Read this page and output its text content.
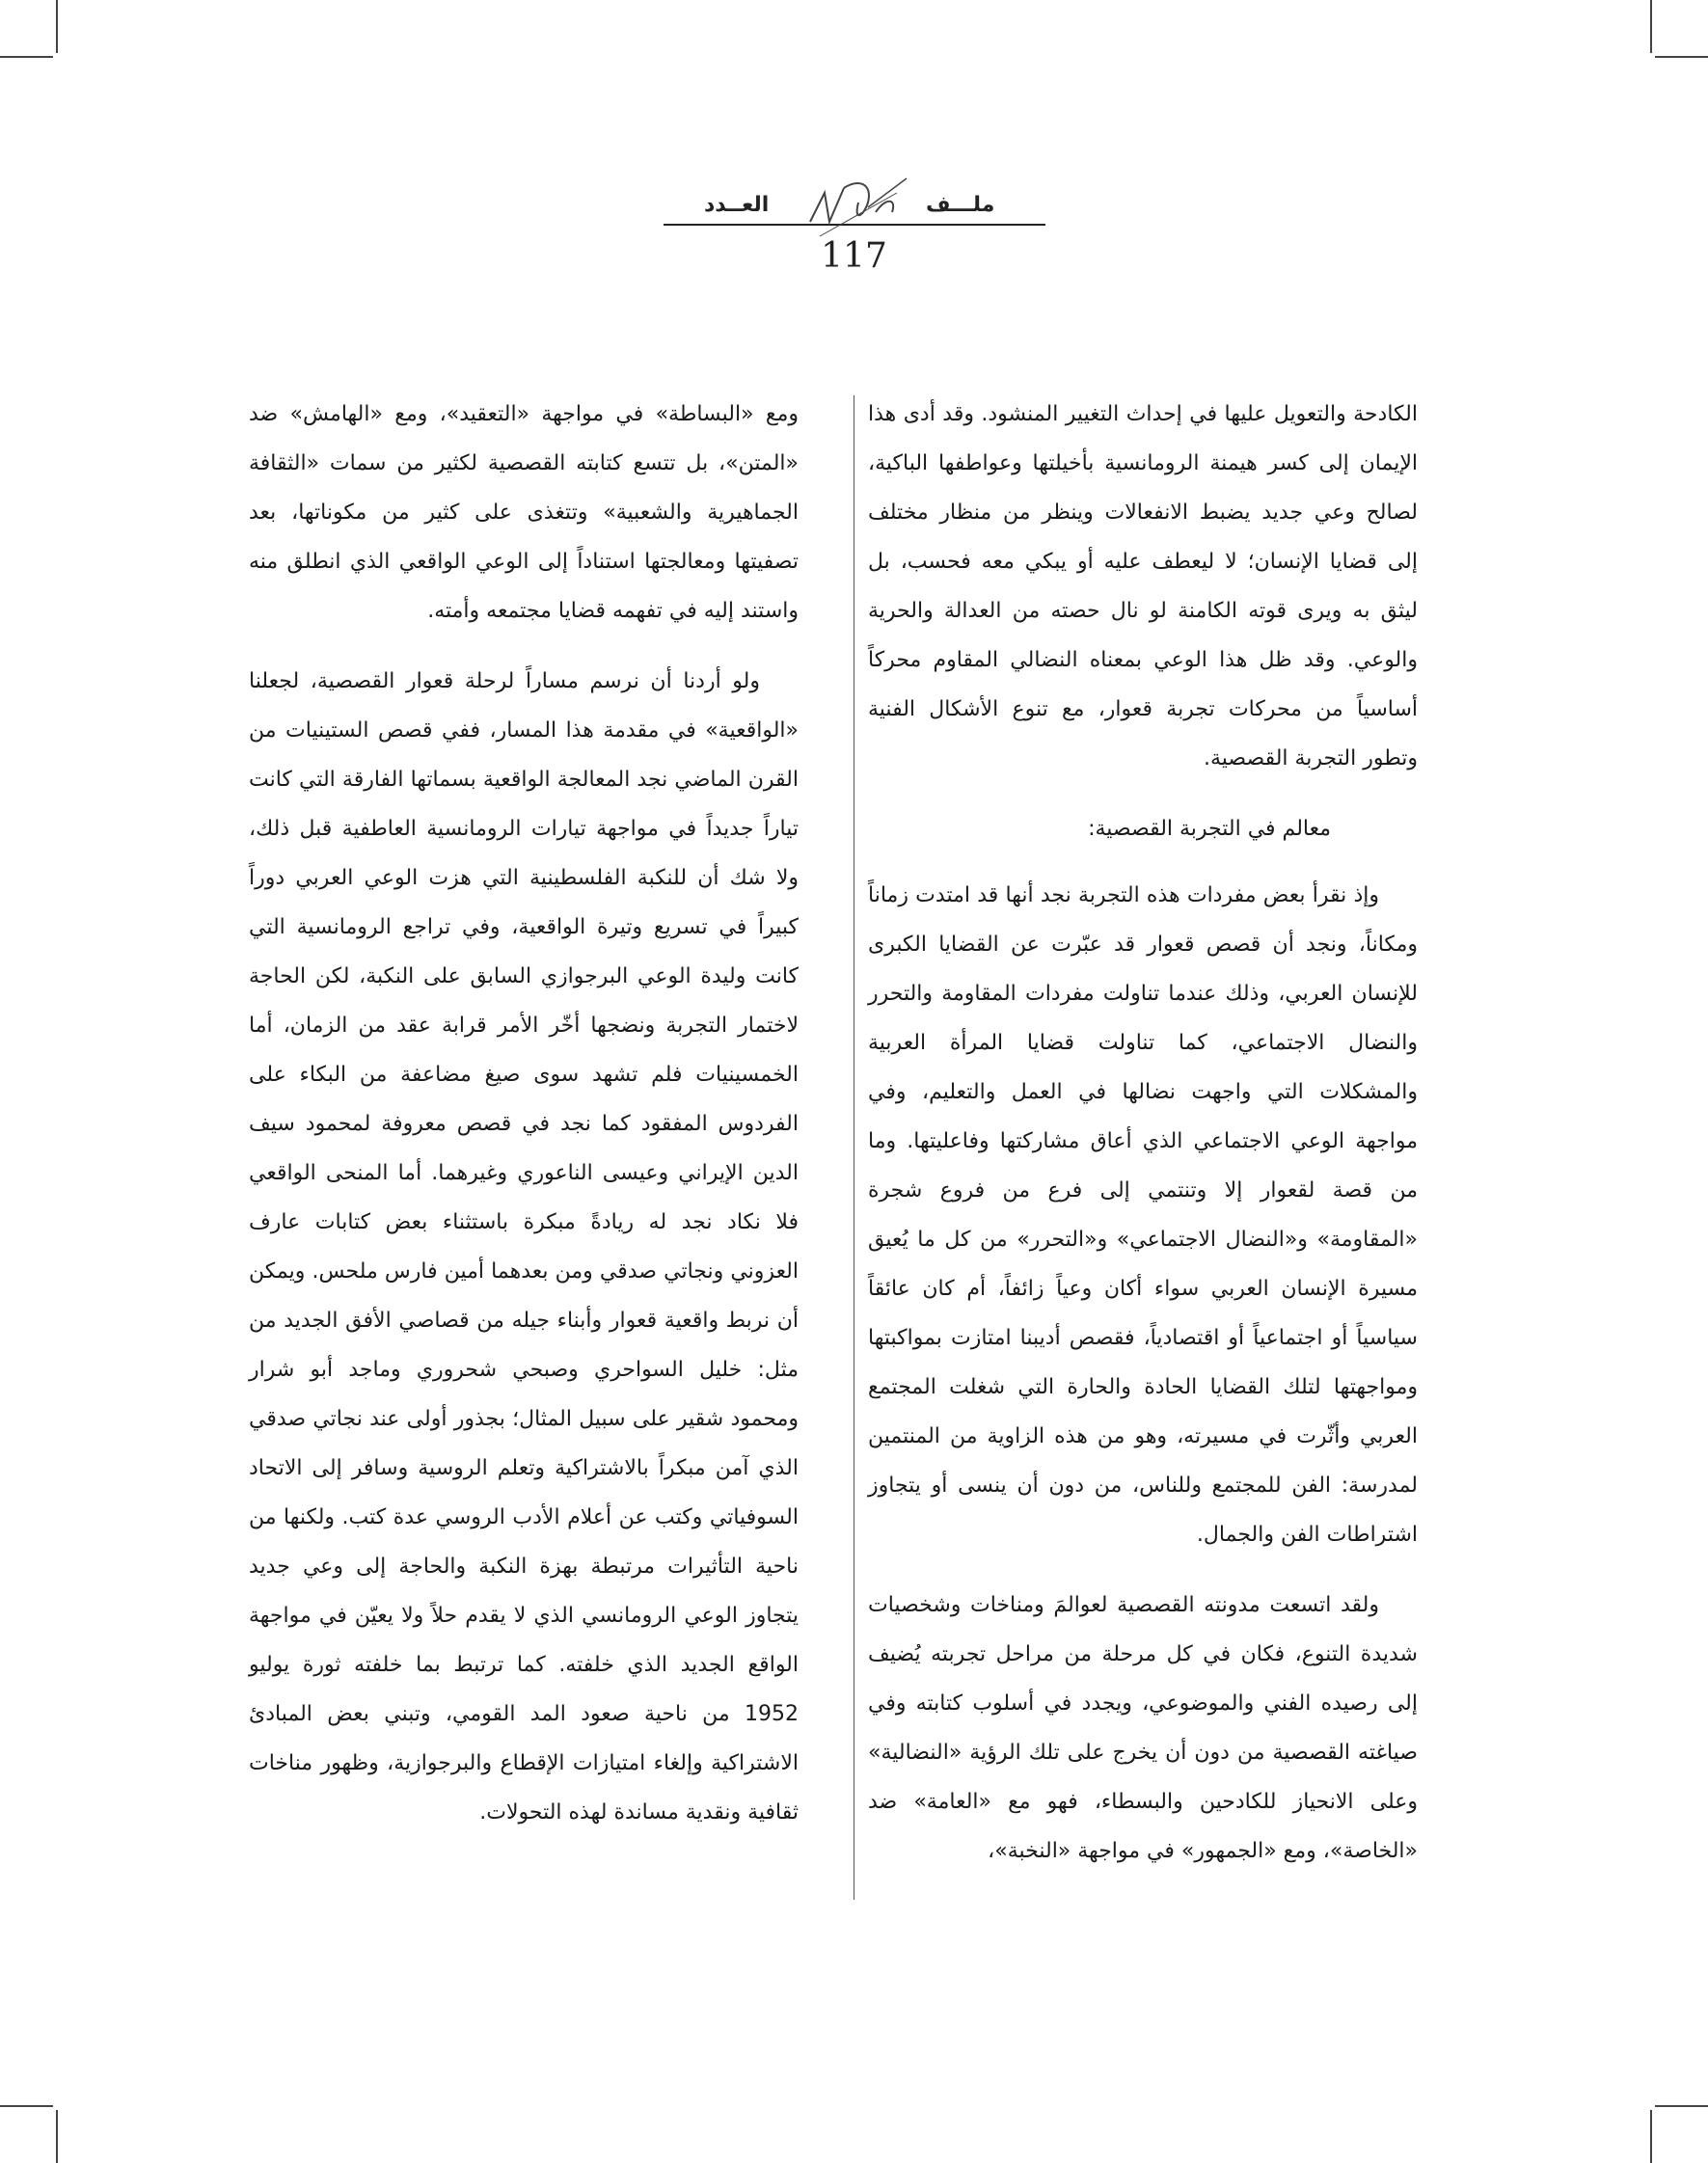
العــدد	ملـــف
117

الكادحة والتعويل عليها في إحداث التغيير المنشود. وقد أدى هذا الإيمان إلى كسر هيمنة الرومانسية بأخيلتها وعواطفها الباكية، لصالح وعي جديد يضبط الانفعالات وينظر من منظار مختلف إلى قضايا الإنسان؛ لا ليعطف عليه أو يبكي معه فحسب، بل ليثق به ويرى قوته الكامنة لو نال حصته من العدالة والحرية والوعي. وقد ظل هذا الوعي بمعناه النضالي المقاوم محركاً أساسياً من محركات تجربة قعوار، مع تنوع الأشكال الفنية وتطور التجربة القصصية.

معالم في التجربة القصصية:

وإذ نقرأ بعض مفردات هذه التجربة نجد أنها قد امتدت زماناً ومكاناً، ونجد أن قصص قعوار قد عبّرت عن القضايا الكبرى للإنسان العربي، وذلك عندما تناولت مفردات المقاومة والتحرر والنضال الاجتماعي، كما تناولت قضايا المرأة العربية والمشكلات التي واجهت نضالها في العمل والتعليم، وفي مواجهة الوعي الاجتماعي الذي أعاق مشاركتها وفاعليتها. وما من قصة لقعوار إلا وتنتمي إلى فرع من فروع شجرة «المقاومة» و«النضال الاجتماعي» و«التحرر» من كل ما يُعيق مسيرة الإنسان العربي سواء أكان وعياً زائفاً، أم كان عائقاً سياسياً أو اجتماعياً أو اقتصادياً، فقصص أديبنا امتازت بمواكبتها ومواجهتها لتلك القضايا الحادة والحارة التي شغلت المجتمع العربي وأثّرت في مسيرته، وهو من هذه الزاوية من المنتمين لمدرسة: الفن للمجتمع وللناس، من دون أن ينسى أو يتجاوز اشتراطات الفن والجمال.

ولقد اتسعت مدونته القصصية لعوالمَ ومناخات وشخصيات شديدة التنوع، فكان في كل مرحلة من مراحل تجربته يُضيف إلى رصيده الفني والموضوعي، ويجدد في أسلوب كتابته وفي صياغته القصصية من دون أن يخرج على تلك الرؤية «النضالية» وعلى الانحياز للكادحين والبسطاء، فهو مع «العامة» ضد «الخاصة»، ومع «الجمهور» في مواجهة «النخبة»،

ومع «البساطة» في مواجهة «التعقيد»، ومع «الهامش» ضد «المتن»، بل تتسع كتابته القصصية لكثير من سمات «الثقافة الجماهيرية والشعبية» وتتغذى على كثير من مكوناتها، بعد تصفيتها ومعالجتها استناداً إلى الوعي الواقعي الذي انطلق منه واستند إليه في تفهمه قضايا مجتمعه وأمته.

ولو أردنا أن نرسم مساراً لرحلة قعوار القصصية، لجعلنا «الواقعية» في مقدمة هذا المسار، ففي قصص الستينيات من القرن الماضي نجد المعالجة الواقعية بسماتها الفارقة التي كانت تياراً جديداً في مواجهة تيارات الرومانسية العاطفية قبل ذلك، ولا شك أن للنكبة الفلسطينية التي هزت الوعي العربي دوراً كبيراً في تسريع وتيرة الواقعية، وفي تراجع الرومانسية التي كانت وليدة الوعي البرجوازي السابق على النكبة، لكن الحاجة لاختمار التجربة ونضجها أخّر الأمر قرابة عقد من الزمان، أما الخمسينيات فلم تشهد سوى صيغ مضاعفة من البكاء على الفردوس المفقود كما نجد في قصص معروفة لمحمود سيف الدين الإيراني وعيسى الناعوري وغيرهما. أما المنحى الواقعي فلا نكاد نجد له ريادةً مبكرة باستثناء بعض كتابات عارف العزوني ونجاتي صدقي ومن بعدهما أمين فارس ملحس. ويمكن أن نربط واقعية قعوار وأبناء جيله من قصاصي الأفق الجديد من مثل: خليل السواحري وصبحي شحروري وماجد أبو شرار ومحمود شقير على سبيل المثال؛ بجذور أولى عند نجاتي صدقي الذي آمن مبكراً بالاشتراكية وتعلم الروسية وسافر إلى الاتحاد السوفياتي وكتب عن أعلام الأدب الروسي عدة كتب. ولكنها من ناحية التأثيرات مرتبطة بهزة النكبة والحاجة إلى وعي جديد يتجاوز الوعي الرومانسي الذي لا يقدم حلاً ولا يعيّن في مواجهة الواقع الجديد الذي خلفته. كما ترتبط بما خلفته ثورة يوليو 1952 من ناحية صعود المد القومي، وتبني بعض المبادئ الاشتراكية وإلغاء امتيازات الإقطاع والبرجوازية، وظهور مناخات ثقافية ونقدية مساندة لهذه التحولات.
